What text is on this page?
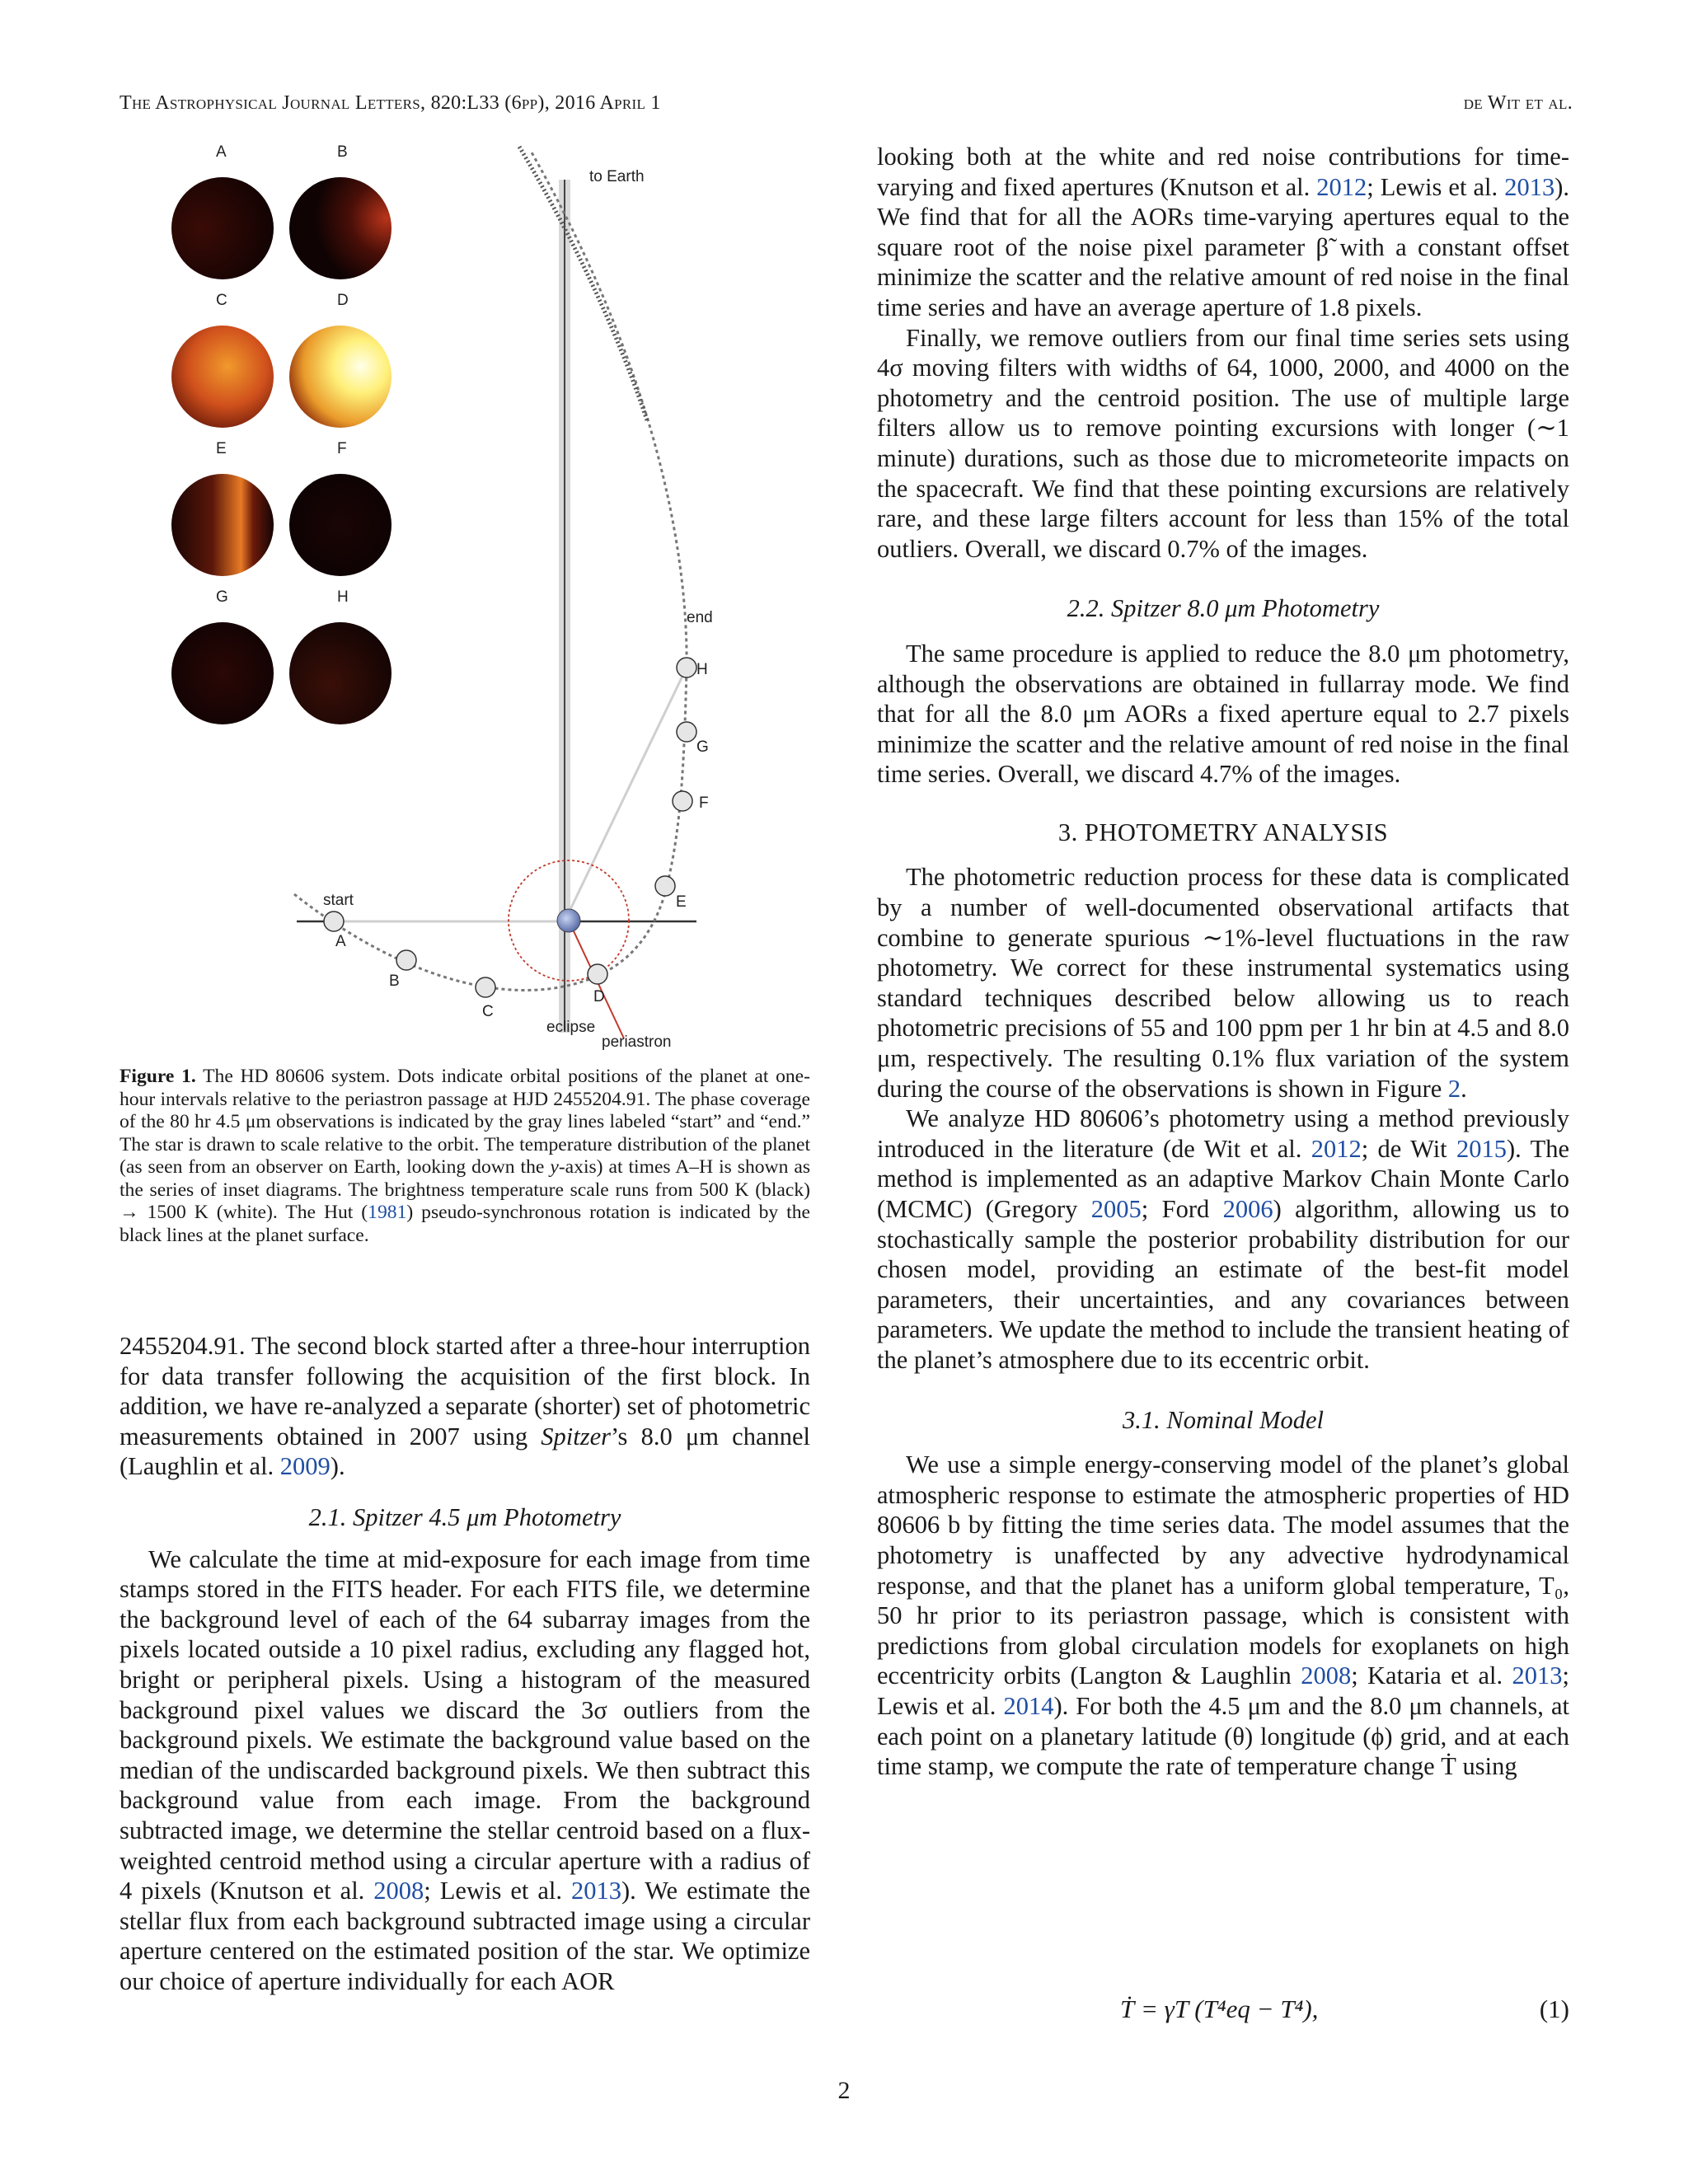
The Astrophysical Journal Letters, 820:L33 (6pp), 2016 April 1	de Wit et al.
A	B
C	D
E	F
G	H
A
B
C
D
E
F
G
H
to Earth
start
end
eclipse
periastron
Figure 1. The HD 80606 system. Dots indicate orbital positions of the planet at one-hour intervals relative to the periastron passage at HJD 2455204.91. The phase coverage of the 80 hr 4.5 μm observations is indicated by the gray lines labeled “start” and “end.” The star is drawn to scale relative to the orbit. The temperature distribution of the planet (as seen from an observer on Earth, looking down the y-axis) at times A–H is shown as the series of inset diagrams. The brightness temperature scale runs from 500 K (black) → 1500 K (white). The Hut (1981) pseudo-synchronous rotation is indicated by the black lines at the planet surface.

2455204.91. The second block started after a three-hour interruption for data transfer following the acquisition of the first block. In addition, we have re-analyzed a separate (shorter) set of photometric measurements obtained in 2007 using Spitzer’s 8.0 μm channel (Laughlin et al. 2009).

2.1. Spitzer 4.5 μm Photometry

We calculate the time at mid-exposure for each image from time stamps stored in the FITS header. For each FITS file, we determine the background level of each of the 64 subarray images from the pixels located outside a 10 pixel radius, excluding any flagged hot, bright or peripheral pixels. Using a histogram of the measured background pixel values we discard the 3σ outliers from the background pixels. We estimate the background value based on the median of the undiscarded background pixels. We then subtract this background value from each image. From the background subtracted image, we determine the stellar centroid based on a flux-weighted centroid method using a circular aperture with a radius of 4 pixels (Knutson et al. 2008; Lewis et al. 2013). We estimate the stellar flux from each background subtracted image using a circular aperture centered on the estimated position of the star. We optimize our choice of aperture individually for each AOR

looking both at the white and red noise contributions for time-varying and fixed apertures (Knutson et al. 2012; Lewis et al. 2013). We find that for all the AORs time-varying apertures equal to the square root of the noise pixel parameter β̃ with a constant offset minimize the scatter and the relative amount of red noise in the final time series and have an average aperture of 1.8 pixels.

Finally, we remove outliers from our final time series sets using 4σ moving filters with widths of 64, 1000, 2000, and 4000 on the photometry and the centroid position. The use of multiple large filters allow us to remove pointing excursions with longer (∼1 minute) durations, such as those due to micrometeorite impacts on the spacecraft. We find that these pointing excursions are relatively rare, and these large filters account for less than 15% of the total outliers. Overall, we discard 0.7% of the images.

2.2. Spitzer 8.0 μm Photometry

The same procedure is applied to reduce the 8.0 μm photometry, although the observations are obtained in fullarray mode. We find that for all the 8.0 μm AORs a fixed aperture equal to 2.7 pixels minimize the scatter and the relative amount of red noise in the final time series. Overall, we discard 4.7% of the images.

3. PHOTOMETRY ANALYSIS

The photometric reduction process for these data is complicated by a number of well-documented observational artifacts that combine to generate spurious ∼1%-level fluctuations in the raw photometry. We correct for these instrumental systematics using standard techniques described below allowing us to reach photometric precisions of 55 and 100 ppm per 1 hr bin at 4.5 and 8.0 μm, respectively. The resulting 0.1% flux variation of the system during the course of the observations is shown in Figure 2.

We analyze HD 80606’s photometry using a method previously introduced in the literature (de Wit et al. 2012; de Wit 2015). The method is implemented as an adaptive Markov Chain Monte Carlo (MCMC) (Gregory 2005; Ford 2006) algorithm, allowing us to stochastically sample the posterior probability distribution for our chosen model, providing an estimate of the best-fit model parameters, their uncertainties, and any covariances between parameters. We update the method to include the transient heating of the planet’s atmosphere due to its eccentric orbit.

3.1. Nominal Model

We use a simple energy-conserving model of the planet’s global atmospheric response to estimate the atmospheric properties of HD 80606 b by fitting the time series data. The model assumes that the photometry is unaffected by any advective hydrodynamical response, and that the planet has a uniform global temperature, T₀, 50 hr prior to its periastron passage, which is consistent with predictions from global circulation models for exoplanets on high eccentricity orbits (Langton & Laughlin 2008; Kataria et al. 2013; Lewis et al. 2014). For both the 4.5 μm and the 8.0 μm channels, at each point on a planetary latitude (θ) longitude (ϕ) grid, and at each time stamp, we compute the rate of temperature change Ṫ using

Ṫ = γT (T⁴eq − T⁴),	(1)
2
